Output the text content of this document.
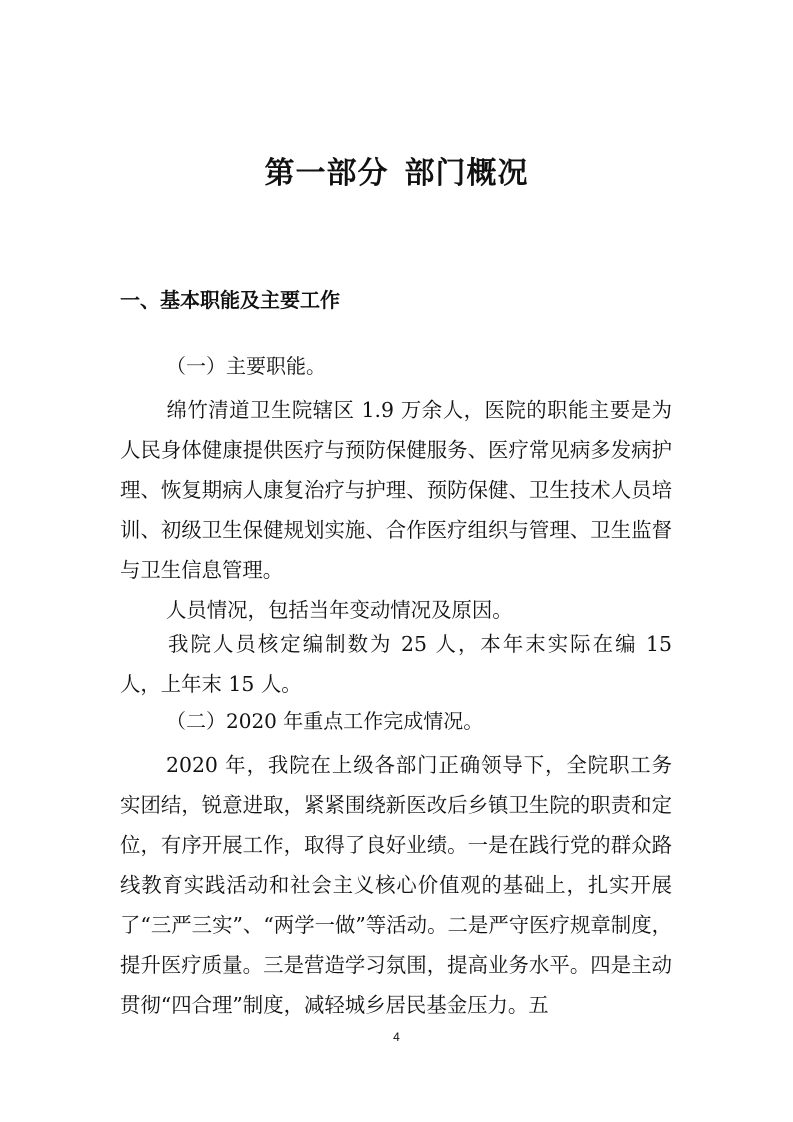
第一部分 部门概况
一、基本职能及主要工作
（一）主要职能。
绵竹清道卫生院辖区 1.9 万余人，医院的职能主要是为人民身体健康提供医疗与预防保健服务、医疗常见病多发病护理、恢复期病人康复治疗与护理、预防保健、卫生技术人员培训、初级卫生保健规划实施、合作医疗组织与管理、卫生监督与卫生信息管理。
人员情况，包括当年变动情况及原因。
我院人员核定编制数为 25 人，本年末实际在编 15 人，上年末 15 人。
（二）2020 年重点工作完成情况。
2020 年，我院在上级各部门正确领导下，全院职工务实团结，锐意进取，紧紧围绕新医改后乡镇卫生院的职责和定位，有序开展工作，取得了良好业绩。一是在践行党的群众路线教育实践活动和社会主义核心价值观的基础上，扎实开展了“三严三实”、“两学一做”等活动。二是严守医疗规章制度，提升医疗质量。三是营造学习氛围，提高业务水平。四是主动贯彻“四合理”制度，减轻城乡居民基金压力。五
4
